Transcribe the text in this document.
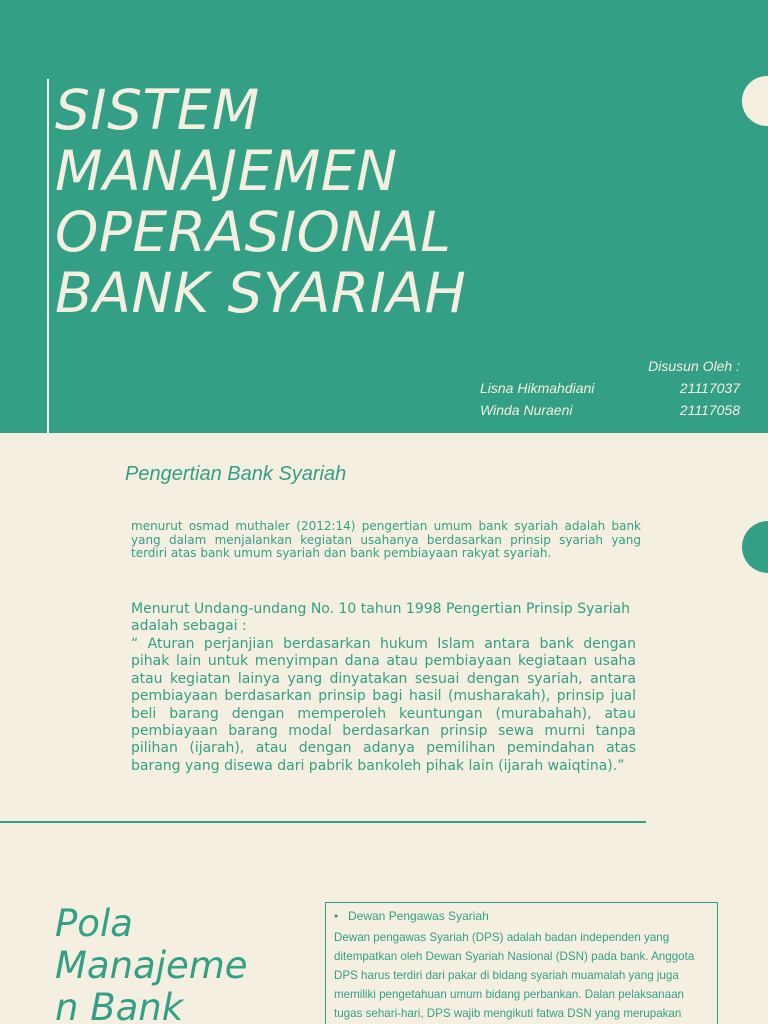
SISTEM
MANAJEMEN
OPERASIONAL
BANK SYARIAH
Disusun Oleh :
Lisna Hikmahdiani	21117037
Winda Nuraeni	21117058
Pengertian Bank Syariah

menurut osmad muthaler (2012:14) pengertian umum bank syariah adalah bank yang dalam menjalankan kegiatan usahanya berdasarkan prinsip syariah yang terdiri atas bank umum syariah dan bank pembiayaan rakyat syariah.

Menurut Undang-undang No. 10 tahun 1998 Pengertian Prinsip Syariah adalah sebagai :

“ Aturan perjanjian berdasarkan hukum Islam antara bank dengan pihak lain untuk menyimpan dana atau pembiayaan kegiataan usaha atau kegiatan lainya yang dinyatakan sesuai dengan syariah, antara pembiayaan berdasarkan prinsip bagi hasil (musharakah), prinsip jual beli barang dengan memperoleh keuntungan (murabahah), atau pembiayaan barang modal berdasarkan prinsip sewa murni tanpa pilihan (ijarah), atau dengan adanya pemilihan pemindahan atas barang yang disewa dari pabrik bankoleh pihak lain (ijarah waiqtina).”

Pola
Manajeme
n Bank

• Dewan Pengawas Syariah

Dewan pengawas Syariah (DPS) adalah badan independen yang
ditempatkan oleh Dewan Syariah Nasional (DSN) pada bank. Anggota
DPS harus terdiri dari pakar di bidang syariah muamalah yang juga
memiliki pengetahuan umum bidang perbankan. Dalan pelaksanaan
tugas sehari-hari, DPS wajib mengikuti fatwa DSN yang merupakan
